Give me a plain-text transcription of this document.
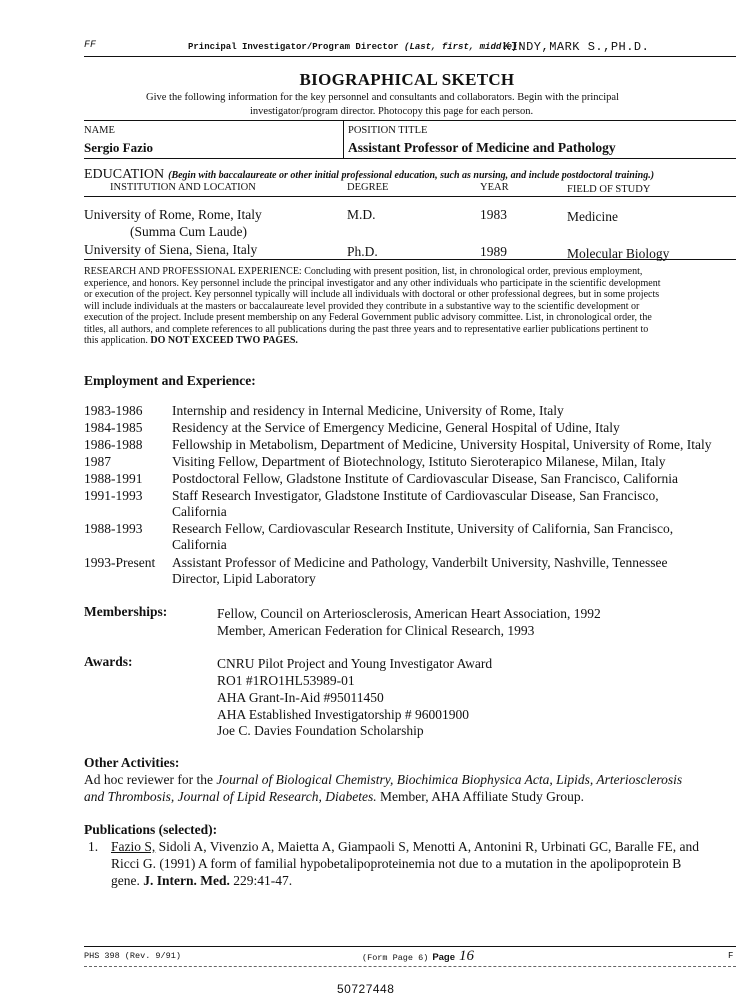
FF	Principal Investigator/Program Director (Last, first, middle):
KINDY,MARK S.,PH.D.
BIOGRAPHICAL SKETCH
Give the following information for the key personnel and consultants and collaborators. Begin with the principal
investigator/program director. Photocopy this page for each person.
NAME
Sergio Fazio
POSITION TITLE
Assistant Professor of Medicine and Pathology
EDUCATION (Begin with baccalaureate or other initial professional education, such as nursing, and include postdoctoral training.)
INSTITUTION AND LOCATION	DEGREE	YEAR	FIELD OF STUDY
University of Rome, Rome, Italy
(Summa Cum Laude)
M.D.	1983	Medicine
University of Siena, Siena, Italy	Ph.D.	1989	Molecular Biology
RESEARCH AND PROFESSIONAL EXPERIENCE: Concluding with present position, list, in chronological order, previous employment,
experience, and honors. Key personnel include the principal investigator and any other individuals who participate in the scientific development
or execution of the project. Key personnel typically will include all individuals with doctoral or other professional degrees, but in some projects
will include individuals at the masters or baccalaureate level provided they contribute in a substantive way to the scientific development or
execution of the project. Include present membership on any Federal Government public advisory committee. List, in chronological order, the
titles, all authors, and complete references to all publications during the past three years and to representative earlier publications pertinent to
this application. DO NOT EXCEED TWO PAGES.
Employment and Experience:
1983-1986 Internship and residency in Internal Medicine, University of Rome, Italy
1984-1985 Residency at the Service of Emergency Medicine, General Hospital of Udine, Italy
1986-1988 Fellowship in Metabolism, Department of Medicine, University Hospital, University of Rome, Italy
1987	Visiting Fellow, Department of Biotechnology, Istituto Sieroterapico Milanese, Milan, Italy
1988-1991 Postdoctoral Fellow, Gladstone Institute of Cardiovascular Disease, San Francisco, California
1991-1993 Staff Research Investigator, Gladstone Institute of Cardiovascular Disease, San Francisco,
California
1988-1993 Research Fellow, Cardiovascular Research Institute, University of California, San Francisco,
California
1993-Present Assistant Professor of Medicine and Pathology, Vanderbilt University, Nashville, Tennessee
Director, Lipid Laboratory
Memberships:	Fellow, Council on Arteriosclerosis, American Heart Association, 1992
Member, American Federation for Clinical Research, 1993
Awards:	CNRU Pilot Project and Young Investigator Award
RO1 #1RO1HL53989-01
AHA Grant-In-Aid #95011450
AHA Established Investigatorship # 96001900
Joe C. Davies Foundation Scholarship
Other Activities:
Ad hoc reviewer for the Journal of Biological Chemistry, Biochimica Biophysica Acta, Lipids, Arteriosclerosis
and Thrombosis, Journal of Lipid Research, Diabetes. Member, AHA Affiliate Study Group.
Publications (selected):
1. Fazio S, Sidoli A, Vivenzio A, Maietta A, Giampaoli S, Menotti A, Antonini R, Urbinati GC, Baralle FE, and
Ricci G. (1991) A form of familial hypobetalipoproteinemia not due to a mutation in the apolipoprotein B
gene. J. Intern. Med. 229:41-47.
PHS 398 (Rev. 9/91)	(Form Page 6) Page 16	F
50727448
